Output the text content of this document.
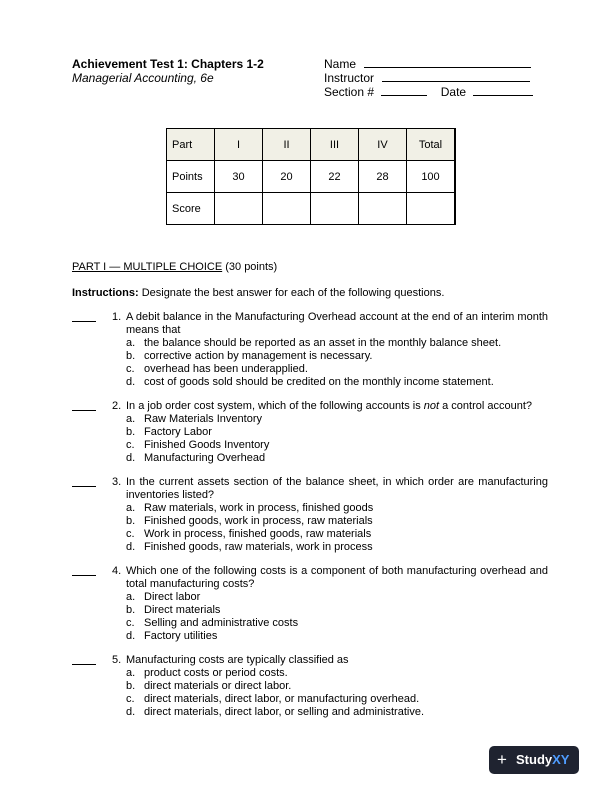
Achievement Test 1: Chapters 1-2
Managerial Accounting, 6e
Name
Instructor
Section #	Date
Part	I	II	III	IV	Total
Points	30	20	22	28	100
Score					
PART I — MULTIPLE CHOICE (30 points)
Instructions: Designate the best answer for each of the following questions.
1. A debit balance in the Manufacturing Overhead account at the end of an interim month means that
a. the balance should be reported as an asset in the monthly balance sheet.
b. corrective action by management is necessary.
c. overhead has been underapplied.
d. cost of goods sold should be credited on the monthly income statement.
2. In a job order cost system, which of the following accounts is not a control account?
a. Raw Materials Inventory
b. Factory Labor
c. Finished Goods Inventory
d. Manufacturing Overhead
3. In the current assets section of the balance sheet, in which order are manufacturing inventories listed?
a. Raw materials, work in process, finished goods
b. Finished goods, work in process, raw materials
c. Work in process, finished goods, raw materials
d. Finished goods, raw materials, work in process
4. Which one of the following costs is a component of both manufacturing overhead and total manufacturing costs?
a. Direct labor
b. Direct materials
c. Selling and administrative costs
d. Factory utilities
5. Manufacturing costs are typically classified as
a. product costs or period costs.
b. direct materials or direct labor.
c. direct materials, direct labor, or manufacturing overhead.
d. direct materials, direct labor, or selling and administrative.
+ StudyXY
